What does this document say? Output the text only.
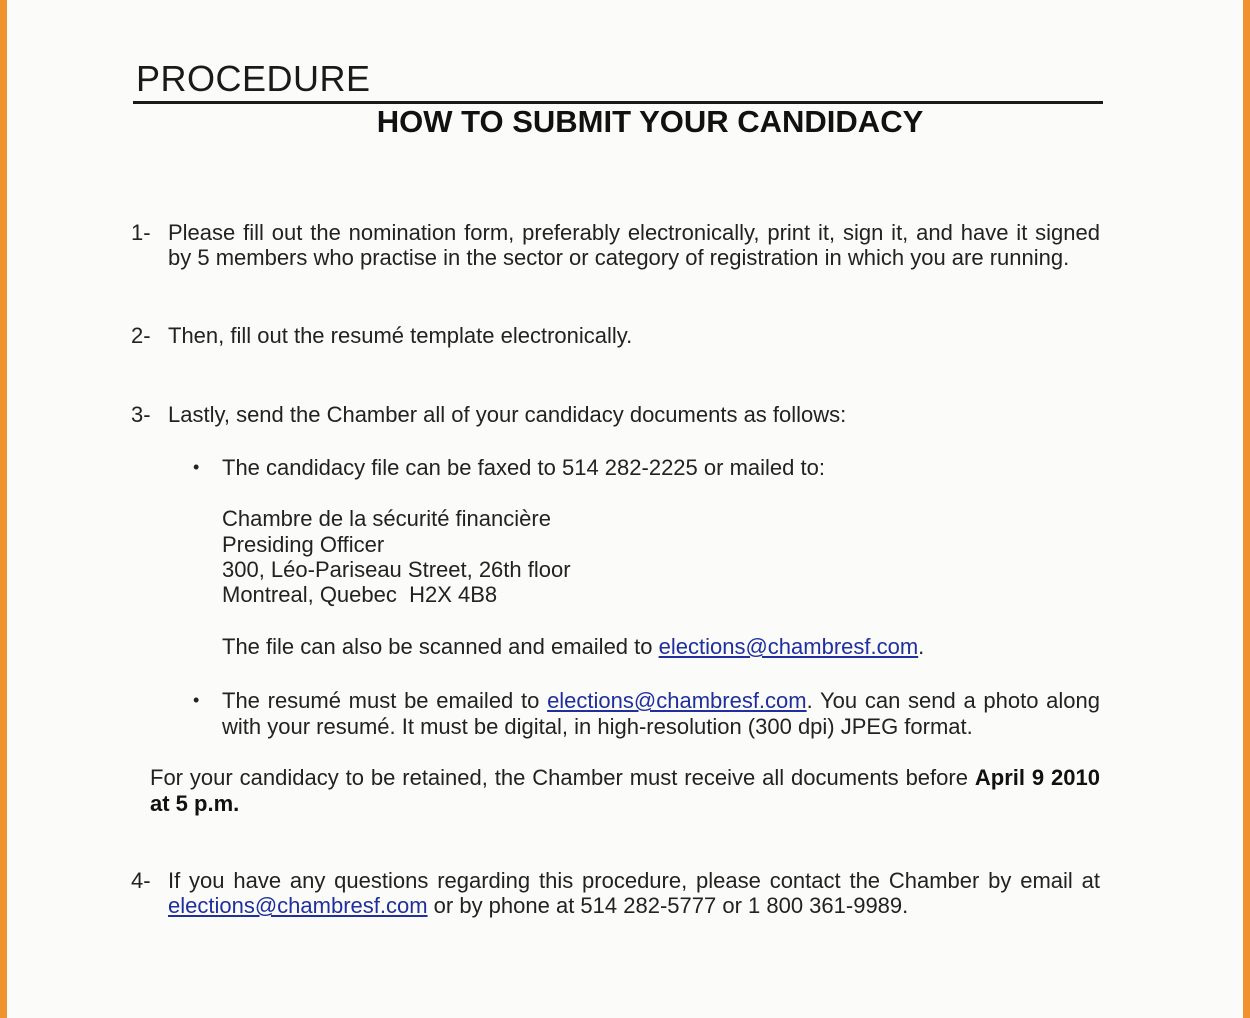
PROCEDURE
HOW TO SUBMIT YOUR CANDIDACY
1- Please fill out the nomination form, preferably electronically, print it, sign it, and have it signed
by 5 members who practise in the sector or category of registration in which you are running.
2- Then, fill out the resumé template electronically.
3- Lastly, send the Chamber all of your candidacy documents as follows:
• The candidacy file can be faxed to 514 282-2225 or mailed to:
Chambre de la sécurité financière
Presiding Officer
300, Léo-Pariseau Street, 26th floor
Montreal, Quebec  H2X 4B8
The file can also be scanned and emailed to elections@chambresf.com.
• The resumé must be emailed to elections@chambresf.com. You can send a photo along
with your resumé. It must be digital, in high-resolution (300 dpi) JPEG format.
For your candidacy to be retained, the Chamber must receive all documents before April 9 2010
at 5 p.m.
4- If you have any questions regarding this procedure, please contact the Chamber by email at
elections@chambresf.com or by phone at 514 282-5777 or 1 800 361-9989.
